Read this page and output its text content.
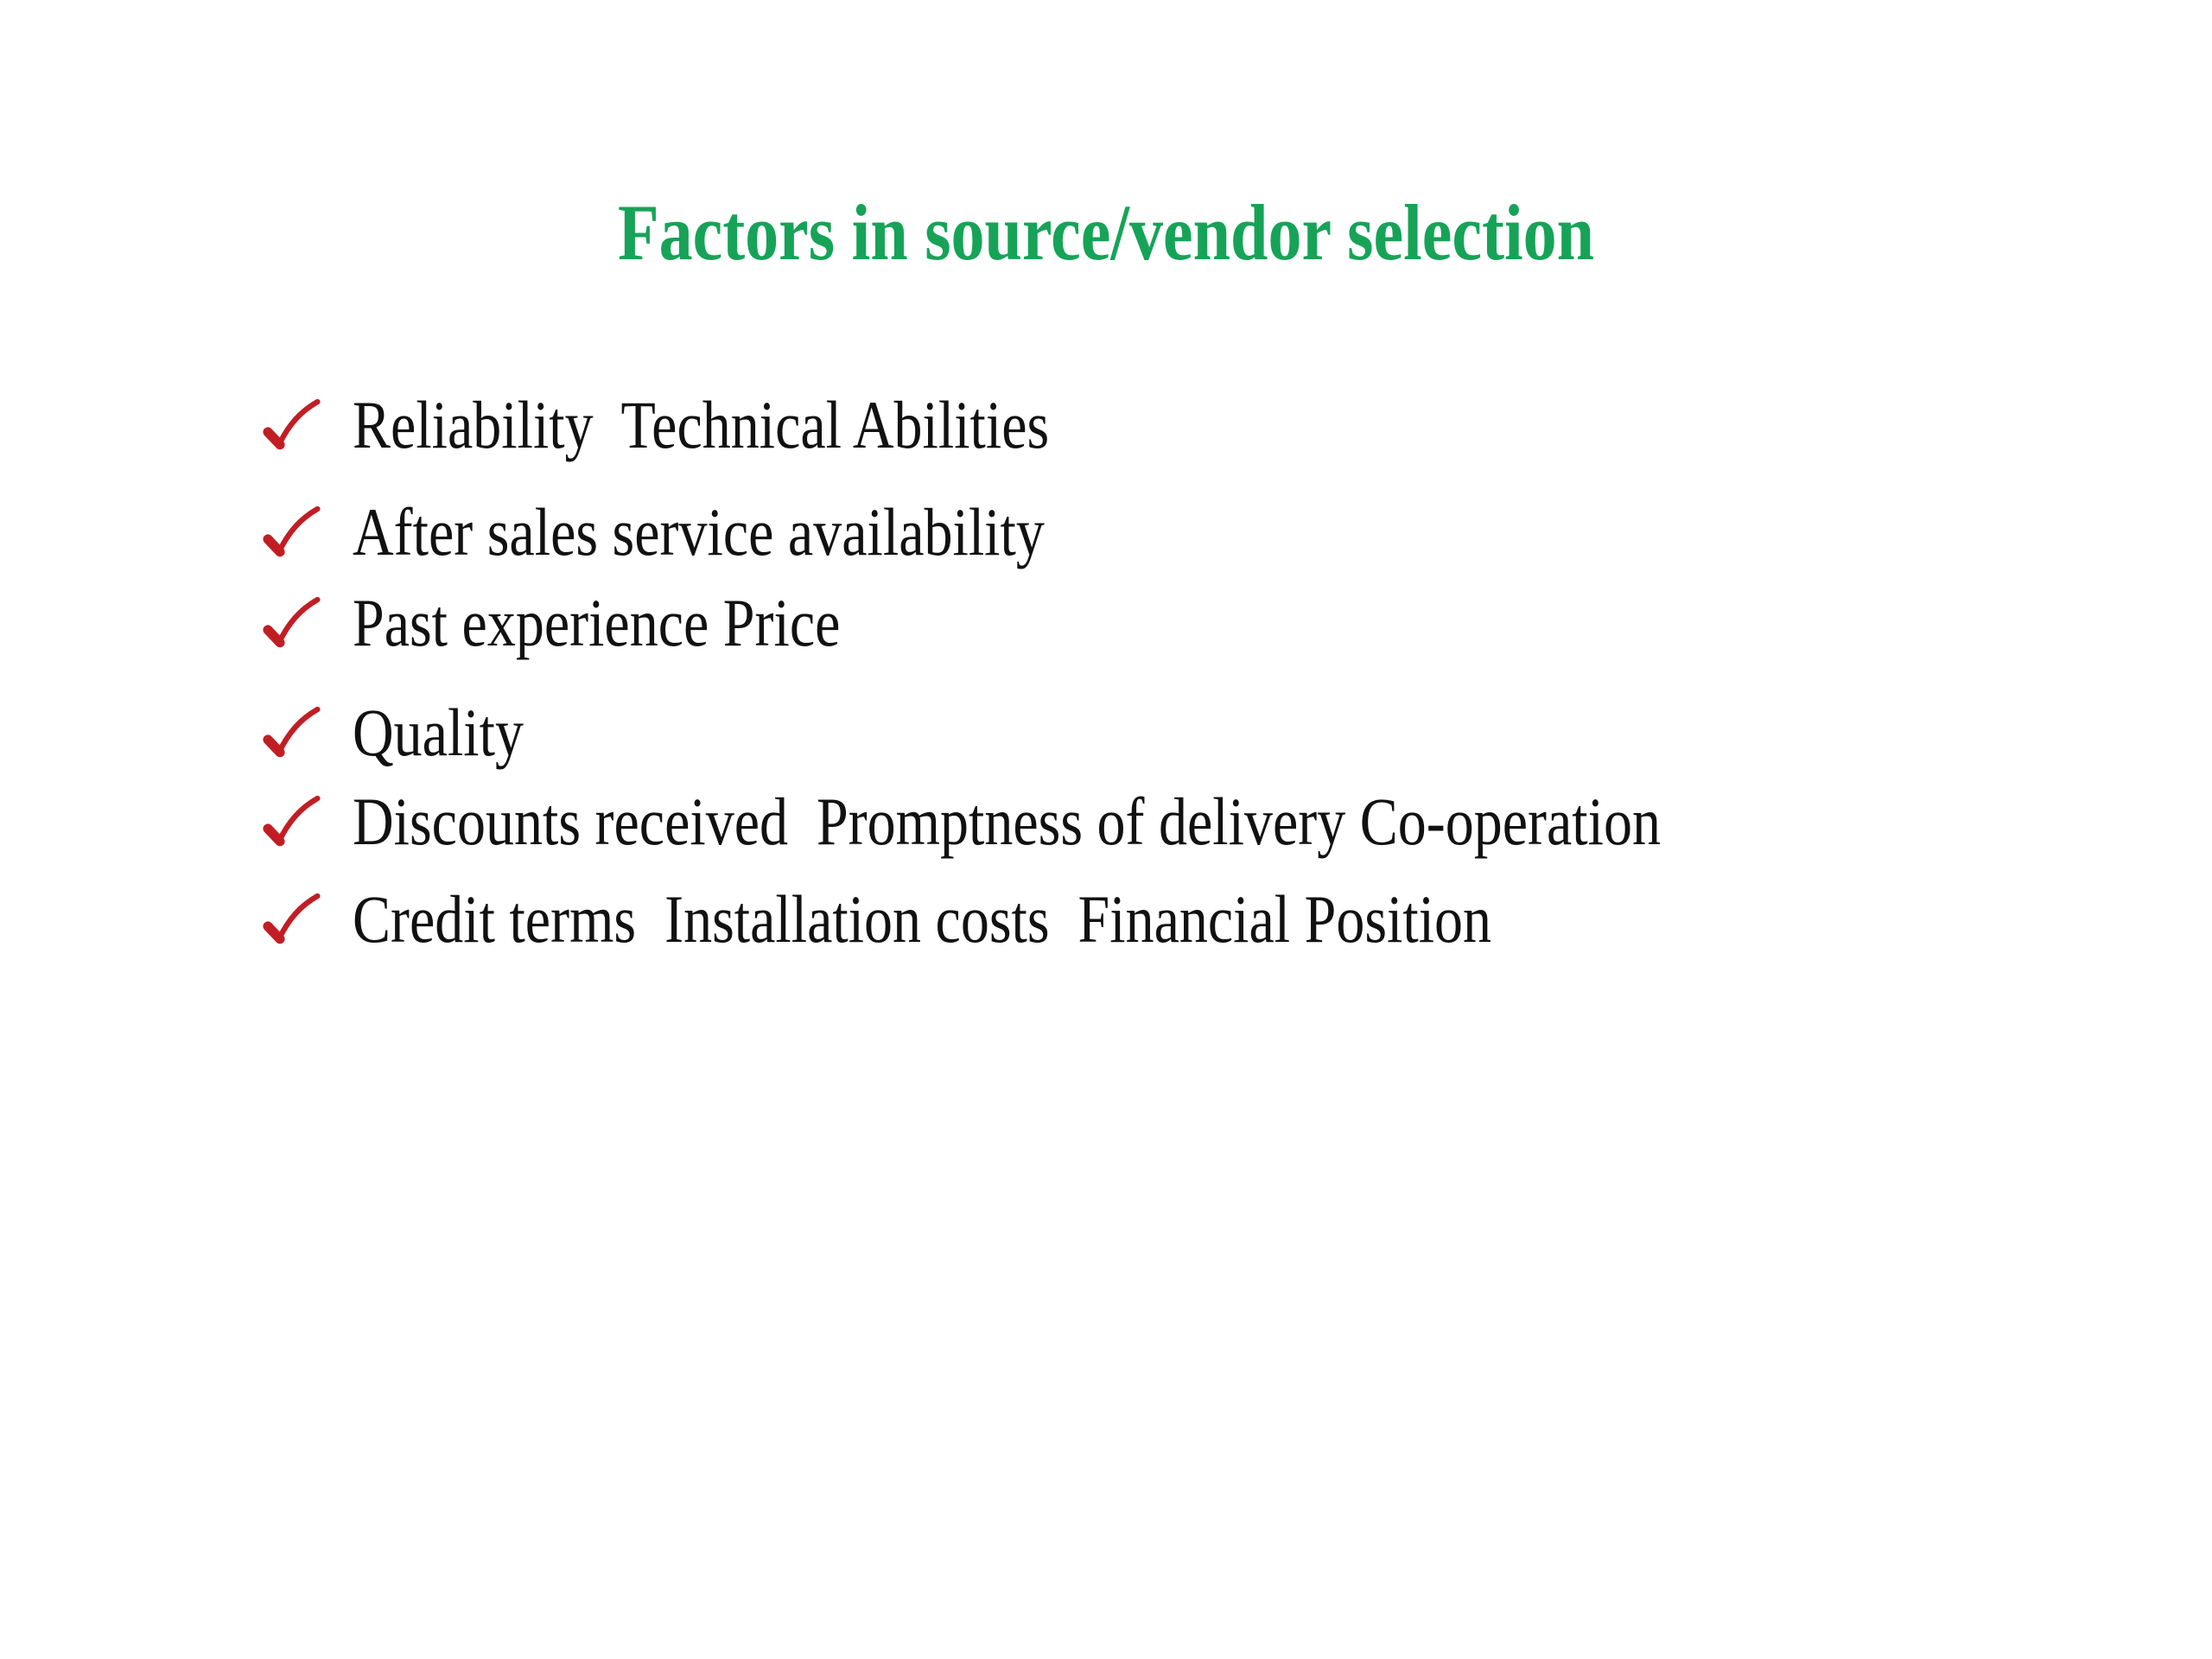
Factors in source/vendor selection
Reliability  Technical Abilities
After sales service availability
Past experience Price
Quality
Discounts received  Promptness of delivery Co-operation
Credit terms  Installation costs  Financial Position
